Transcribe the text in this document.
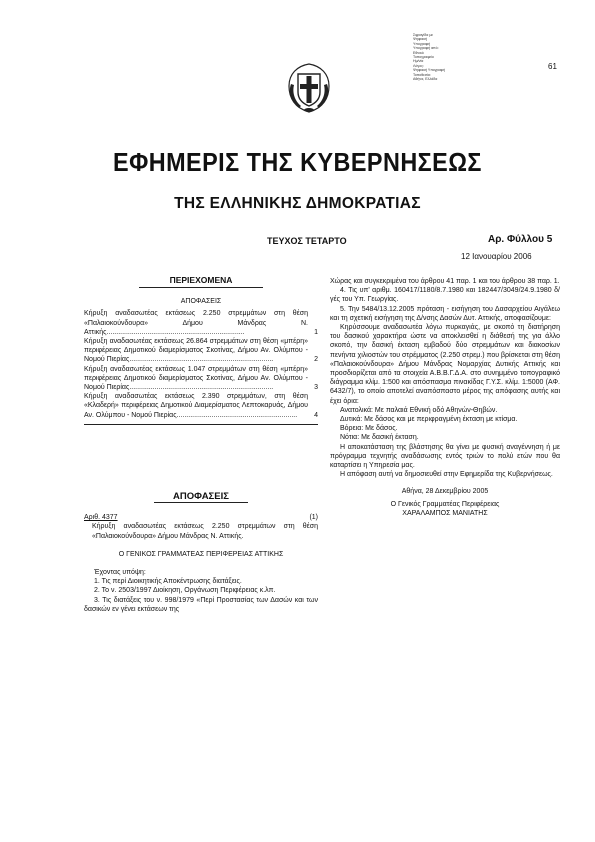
Σφραγίδα με
Ψηφιακή
Υπογραφή
Υπογραφή από:
Εθνικό
Τυπογραφείο
Ημ/νία
Λόγος:
Ψηφιακή Υπογραφή
Τοποθεσία:
Αθήνα, Ελλάδα
61
ΕΦΗΜΕΡΙΣ ΤΗΣ ΚΥΒΕΡΝΗΣΕΩΣ
ΤΗΣ ΕΛΛΗΝΙΚΗΣ ΔΗΜΟΚΡΑΤΙΑΣ
ΤΕΥΧΟΣ ΤΕΤΑΡΤΟ	Αρ. Φύλλου 5
12 Ιανουαρίου 2006
ΠΕΡΙΕΧΟΜΕΝΑ
ΑΠΟΦΑΣΕΙΣ
Κήρυξη αναδασωτέας εκτάσεως 2.250 στρεμμάτων στη θέση «Παλαιοκούνδουρα» Δήμου Μάνδρας Ν. Αττικής.......................................................................	1
Κήρυξη αναδασωτέας εκτάσεως 26.864 στρεμμάτων στη θέση «μπέρη» περιφέρειας Δημοτικού διαμερίσματος Σκοτίνας, Δήμου Αν. Ολύμπου - Νομού Πιερίας..........................................................................	2
Κήρυξη αναδασωτέας εκτάσεως 1.047 στρεμμάτων στη θέση «μπέρη» περιφέρειας Δημοτικού διαμερίσματος Σκοτίνας, Δήμου Αν. Ολύμπου - Νομού Πιερίας..........................................................................	3
Κήρυξη αναδασωτέας εκτάσεως 2.390 στρεμμάτων, στη θέση «Κλαδερή» περιφέρειας Δημοτικού Διαμερίσματος Λεπτοκαρυάς, Δήμου Αν. Ολύμπου - Νομού Πιερίας..............................................................	4
ΑΠΟΦΑΣΕΙΣ
Αριθ. 4377	(1)
Κήρυξη αναδασωτέας εκτάσεως 2.250 στρεμμάτων στη θέση «Παλαιοκούνδουρα» Δήμου Μάνδρας Ν. Αττικής.
Ο ΓΕΝΙΚΟΣ ΓΡΑΜΜΑΤΕΑΣ ΠΕΡΙΦΕΡΕΙΑΣ ΑΤΤΙΚΗΣ
Έχοντας υπόψη:
1. Τις περί Διοικητικής Αποκέντρωσης διατάξεις.
2. Το ν. 2503/1997 Διοίκηση, Οργάνωση Περιφέρειας κ.λπ.
3. Τις διατάξεις του ν. 998/1979 «Περί Προστασίας των Δασών και των δασικών εν γένει εκτάσεων της
Χώρας και συγκεκριμένα του άρθρου 41 παρ. 1 και του άρθρου 38 παρ. 1.
4. Τις υπ' αριθμ. 160417/1180/8.7.1980 και 182447/3049/24.9.1980 δ/γές του Υπ. Γεωργίας.
5. Την 5484/13.12.2005 πρόταση - εισήγηση του Δασαρχείου Αιγάλεω και τη σχετική εισήγηση της Δ/νσης Δασών Δυτ. Αττικής, αποφασίζουμε:
Κηρύσσουμε αναδασωτέα λόγω πυρκαγιάς, με σκοπό τη διατήρηση του δασικού χαρακτήρα ώστε να αποκλεισθεί η διάθεσή της για άλλο σκοπό, την δασική έκταση εμβαδού δύο στρεμμάτων και διακοσίων πενήντα χιλιοστών του στρέμματος (2.250 στρεμ.) που βρίσκεται στη θέση «Παλαιοκούνδουρα» Δήμου Μάνδρας Νομαρχίας Δυτικής Αττικής και προσδιορίζεται από τα στοιχεία Α.Β.Β.Γ.Δ.Α. στο συνημμένο τοπογραφικό διάγραμμα κλίμ. 1:500 και απόσπασμα πινακίδας Γ.Υ.Σ. κλίμ. 1:5000 (ΑΦ. 6432/7), το οποίο αποτελεί αναπόσπαστο μέρος της απόφασης αυτής και έχει όρια:
Ανατολικά: Με παλαιά Εθνική οδό Αθηνών-Θηβών.
Δυτικά: Με δάσος και με περιφραγμένη έκταση με κτίσμα.
Βόρεια: Με δάσος.
Νότια: Με δασική έκταση.
Η αποκατάσταση της βλάστησης θα γίνει με φυσική αναγέννηση ή με πρόγραμμα τεχνητής αναδάσωσης εντός τριών το πολύ ετών που θα καταρτίσει η Υπηρεσία μας.
Η απόφαση αυτή να δημοσιευθεί στην Εφημερίδα της Κυβερνήσεως.
Αθήνα, 28 Δεκεμβρίου 2005
Ο Γενικός Γραμματέας Περιφέρειας
ΧΑΡΑΛΑΜΠΟΣ ΜΑΝΙΑΤΗΣ
